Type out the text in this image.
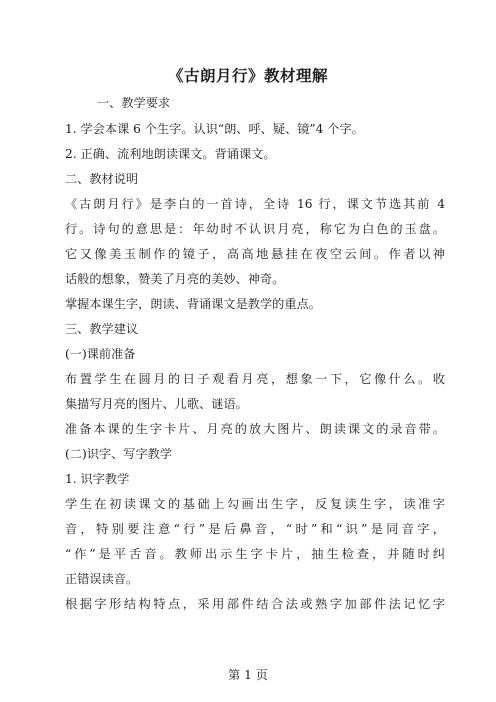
《古朗月行》教材理解
一、教学要求
1. 学会本课 6 个生字。认识“朗、呼、疑、镜”4 个字。
2. 正确、流利地朗读课文。背诵课文。
二、教材说明
《古朗月行》是李白的一首诗，全诗 16 行，课文节选其前 4
行。诗句的意思是：年幼时不认识月亮，称它为白色的玉盘。
它又像美玉制作的镜子，高高地悬挂在夜空云间。作者以神
话般的想象，赞美了月亮的美妙、神奇。
掌握本课生字，朗读、背诵课文是教学的重点。
三、教学建议
(一)课前准备
布置学生在圆月的日子观看月亮，想象一下，它像什么。收
集描写月亮的图片、儿歌、谜语。
准备本课的生字卡片、月亮的放大图片、朗读课文的录音带。
(二)识字、写字教学
1. 识字教学
学生在初读课文的基础上勾画出生字，反复读生字，读准字
音，特别要注意“行”是后鼻音，“时”和“识”是同音字，
“作”是平舌音。教师出示生字卡片，抽生检查，并随时纠
正错误读音。
根据字形结构特点，采用部件结合法或熟字加部件法记忆字
第 1 页
